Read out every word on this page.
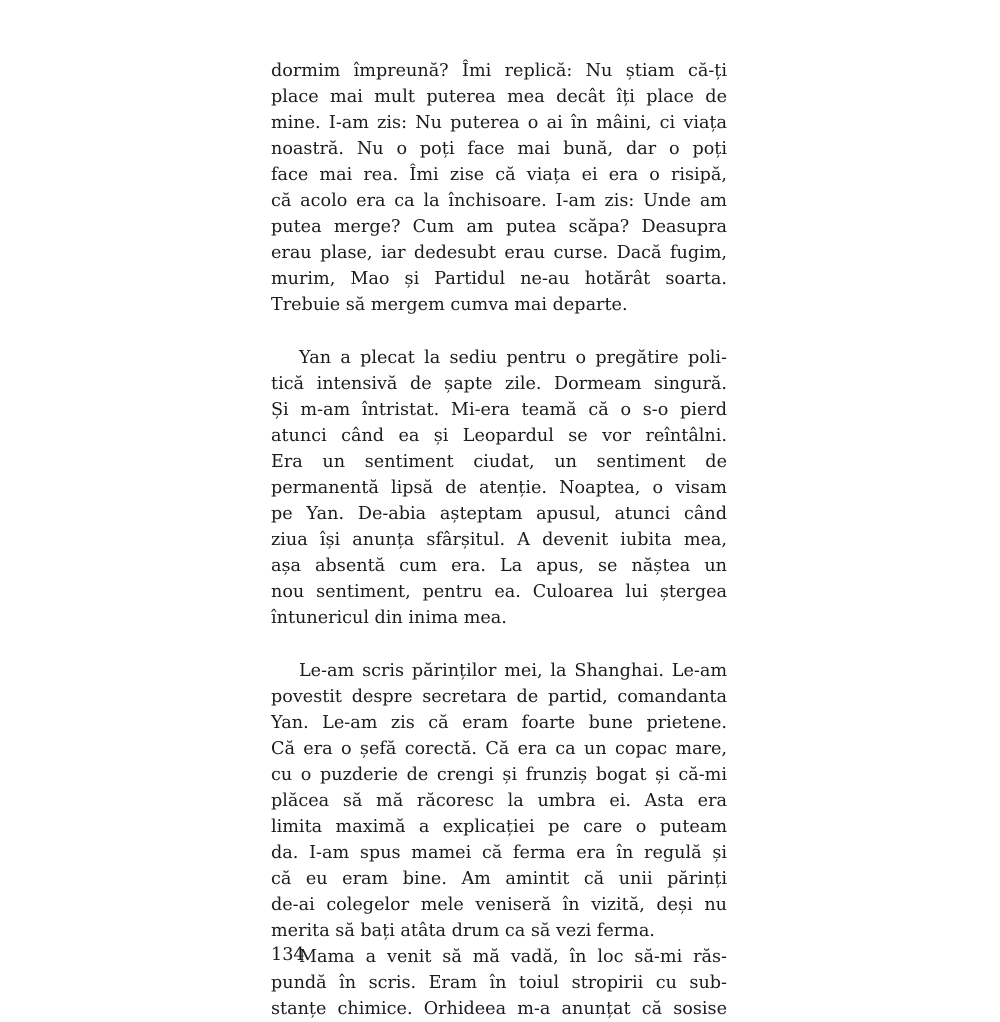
dormim împreună? Îmi replică: Nu știam că-ți
place mai mult puterea mea decât îți place de
mine. I-am zis: Nu puterea o ai în mâini, ci viața
noastră. Nu o poți face mai bună, dar o poți
face mai rea. Îmi zise că viața ei era o risipă,
că acolo era ca la închisoare. I-am zis: Unde am
putea merge? Cum am putea scăpa? Deasupra
erau plase, iar dedesubt erau curse. Dacă fugim,
murim, Mao și Partidul ne-au hotărât soarta.
Trebuie să mergem cumva mai departe.

Yan a plecat la sediu pentru o pregătire poli-
tică intensivă de șapte zile. Dormeam singură.
Și m-am întristat. Mi-era teamă că o s-o pierd
atunci când ea și Leopardul se vor reîntâlni.
Era un sentiment ciudat, un sentiment de
permanentă lipsă de atenție. Noaptea, o visam
pe Yan. De-abia așteptam apusul, atunci când
ziua își anunța sfârșitul. A devenit iubita mea,
așa absentă cum era. La apus, se năștea un
nou sentiment, pentru ea. Culoarea lui ștergea
întunericul din inima mea.

Le-am scris părinților mei, la Shanghai. Le-am
povestit despre secretara de partid, comandanta
Yan. Le-am zis că eram foarte bune prietene.
Că era o șefă corectă. Că era ca un copac mare,
cu o puzderie de crengi și frunziș bogat și că-mi
plăcea să mă răcoresc la umbra ei. Asta era
limita maximă a explicației pe care o puteam
da. I-am spus mamei că ferma era în regulă și
că eu eram bine. Am amintit că unii părinți
de-ai colegelor mele veniseră în vizită, deși nu
merita să bați atâta drum ca să vezi ferma.

Mama a venit să mă vadă, în loc să-mi răs-
pundă în scris. Eram în toiul stropirii cu sub-
stanțe chimice. Orhideea m-a anunțat că sosise

134
